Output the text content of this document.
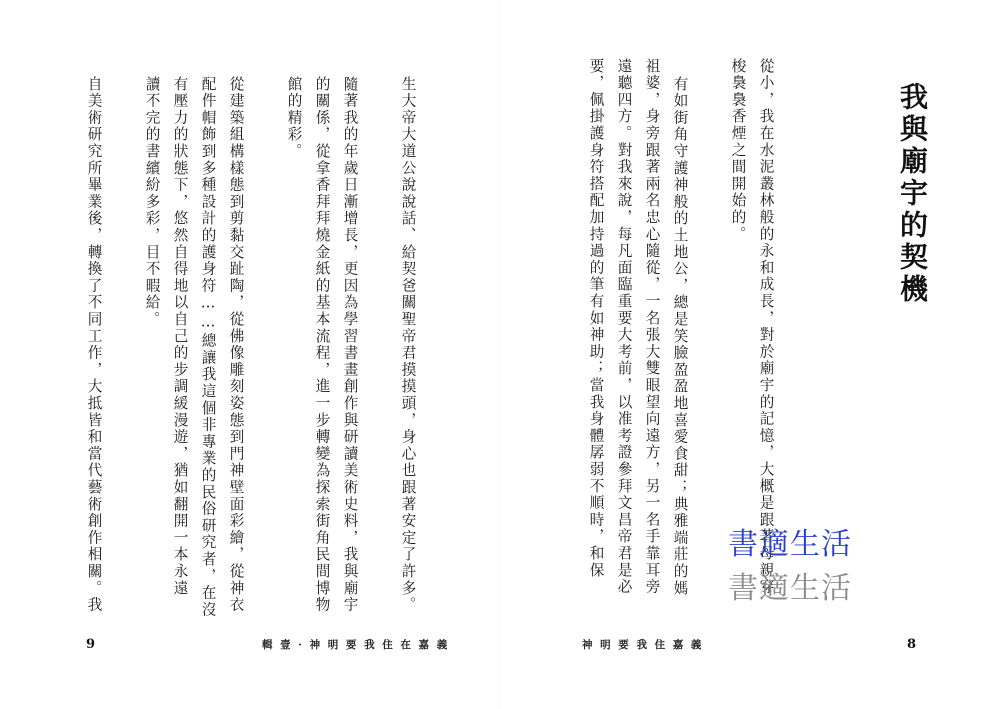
我與廟宇的契機
從小，我在水泥叢林般的永和成長，對於廟宇的記憶，大概是跟著母親穿
梭裊裊香煙之間開始的。
有如街角守護神般的土地公，總是笑臉盈盈地喜愛食甜；典雅端莊的媽
祖婆，身旁跟著兩名忠心隨從，一名張大雙眼望向遠方，另一名手靠耳旁
遠聽四方。對我來說，每凡面臨重要大考前，以准考證參拜文昌帝君是必
要，佩掛護身符搭配加持過的筆有如神助；當我身體孱弱不順時，和保	書適生活
書適生活
神 明 要 我 住 嘉 義	8
生大帝大道公說說話、給契爸關聖帝君摸摸頭，身心也跟著安定了許多。
隨著我的年歲日漸增長，更因為學習書畫創作與研讀美術史料，我與廟宇
的關係，從拿香拜拜燒金紙的基本流程，進一步轉變為探索街角民間博物
館的精彩。
從建築組構樣態到剪黏交趾陶，從佛像雕刻姿態到門神壁面彩繪，從神衣
配件帽飾到多種設計的護身符……總讓我這個非專業的民俗研究者，在沒
有壓力的狀態下，悠然自得地以自己的步調緩漫遊，猶如翻開一本永遠
讀不完的書繽紛多彩，目不暇給。
自美術研究所畢業後，轉換了不同工作，大抵皆和當代藝術創作相關。我
9	輯 壹 · 神 明 要 我 住 在 嘉 義
